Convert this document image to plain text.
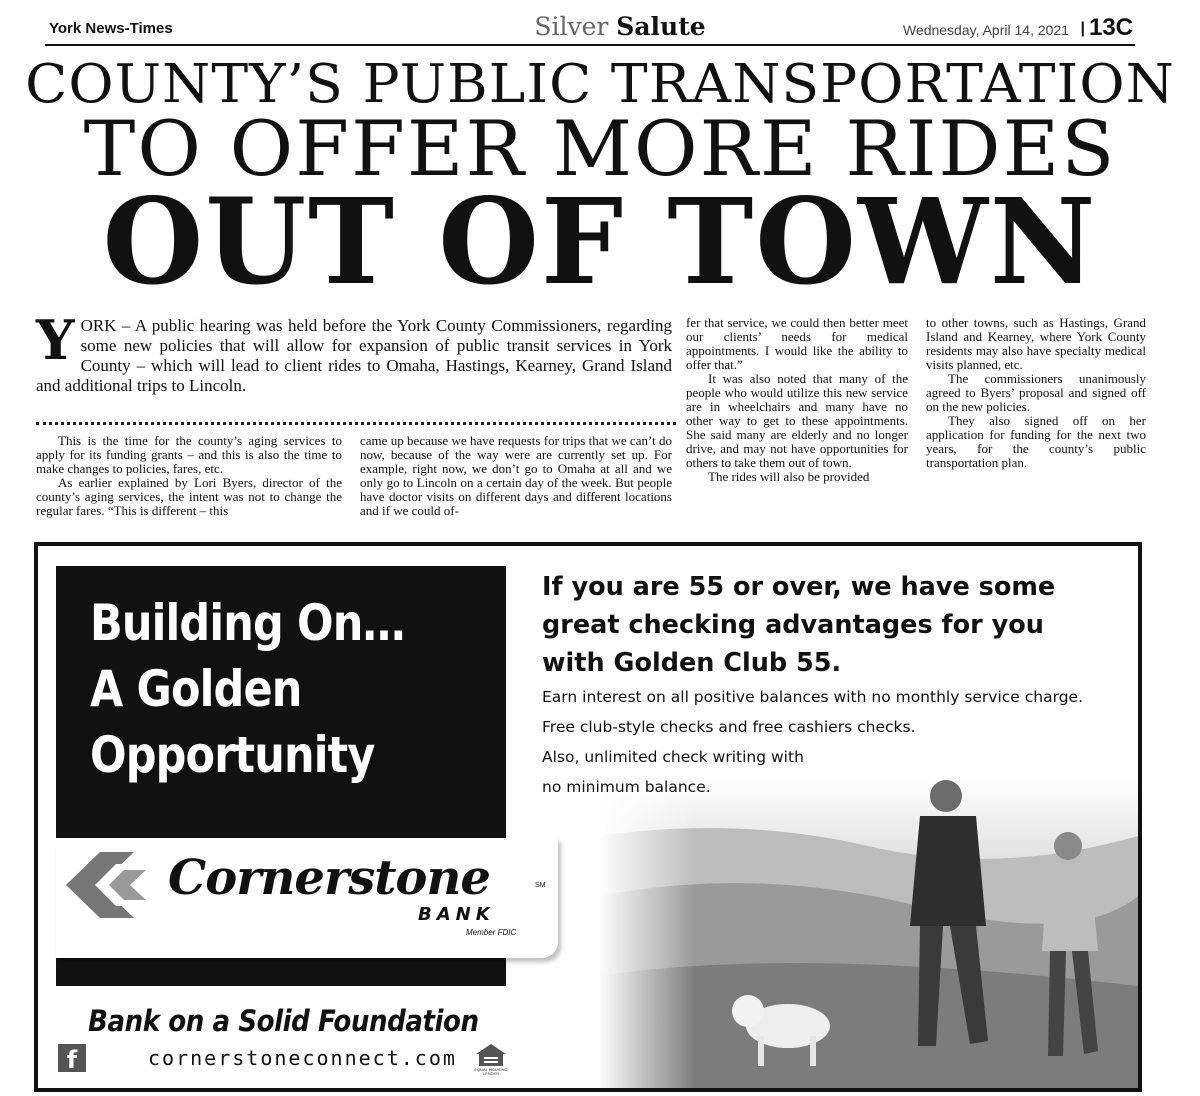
York News-Times	Silver Salute	Wednesday, April 14, 2021 | 13C
COUNTY’S PUBLIC TRANSPORTATION
TO OFFER MORE RIDES
OUT OF TOWN
Y ORK – A public hearing was held before the York County Commissioners, regarding some new policies that will allow for expansion of public transit services in York County – which will lead to client rides to Omaha, Hastings, Kearney, Grand Island and additional trips to Lincoln.

This is the time for the county’s aging services to apply for its funding grants – and this is also the time to make changes to policies, fares, etc.

As earlier explained by Lori Byers, director of the county’s aging services, the intent was not to change the regular fares. “This is different – this

came up because we have requests for trips that we can’t do now, because of the way were are currently set up. For example, right now, we don’t go to Omaha at all and we only go to Lincoln on a certain day of the week. But people have doctor visits on different days and different locations and if we could of-

fer that service, we could then better meet our clients’ needs for medical appointments. I would like the ability to offer that.”

It was also noted that many of the people who would utilize this new service are in wheelchairs and many have no other way to get to these appointments. She said many are elderly and no longer drive, and may not have opportunities for others to take them out of town.

The rides will also be provided

to other towns, such as Hastings, Grand Island and Kearney, where York County residents may also have specialty medical visits planned, etc.

The commissioners unanimously agreed to Byers’ proposal and signed off on the new policies.

They also signed off on her application for funding for the next two years, for the county’s public transportation plan.

Building On…
A Golden
Opportunity
Cornerstone	SM
BANK
Member FDIC
If you are 55 or over, we have some
great checking advantages for you
with Golden Club 55.
Earn interest on all positive balances with no monthly service charge.
Free club-style checks and free cashiers checks.
Also, unlimited check writing with
no minimum balance.
Bank on a Solid Foundation
f	cornerstoneconnect.com	EQUAL HOUSING
LENDER
